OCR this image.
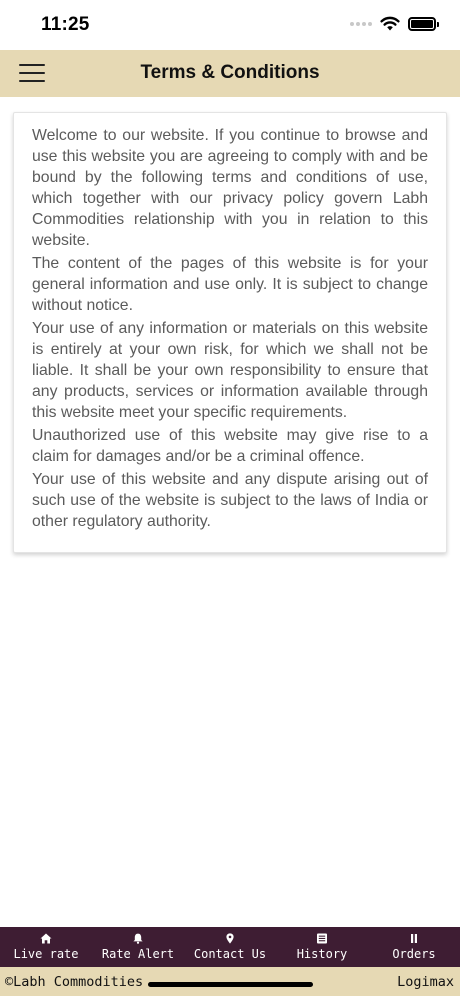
11:25
Terms & Conditions

Welcome to our website. If you continue to browse and use this website you are agreeing to comply with and be bound by the following terms and conditions of use, which together with our privacy policy govern Labh Commodities relationship with you in relation to this website.

The content of the pages of this website is for your general information and use only. It is subject to change without notice.

Your use of any information or materials on this website is entirely at your own risk, for which we shall not be liable. It shall be your own responsibility to ensure that any products, services or information available through this website meet your specific requirements.

Unauthorized use of this website may give rise to a claim for damages and/or be a criminal offence.

Your use of this website and any dispute arising out of such use of the website is subject to the laws of India or other regulatory authority.

Live rate Rate Alert Contact Us	History	Orders
©Labh Commodities	Logimax
